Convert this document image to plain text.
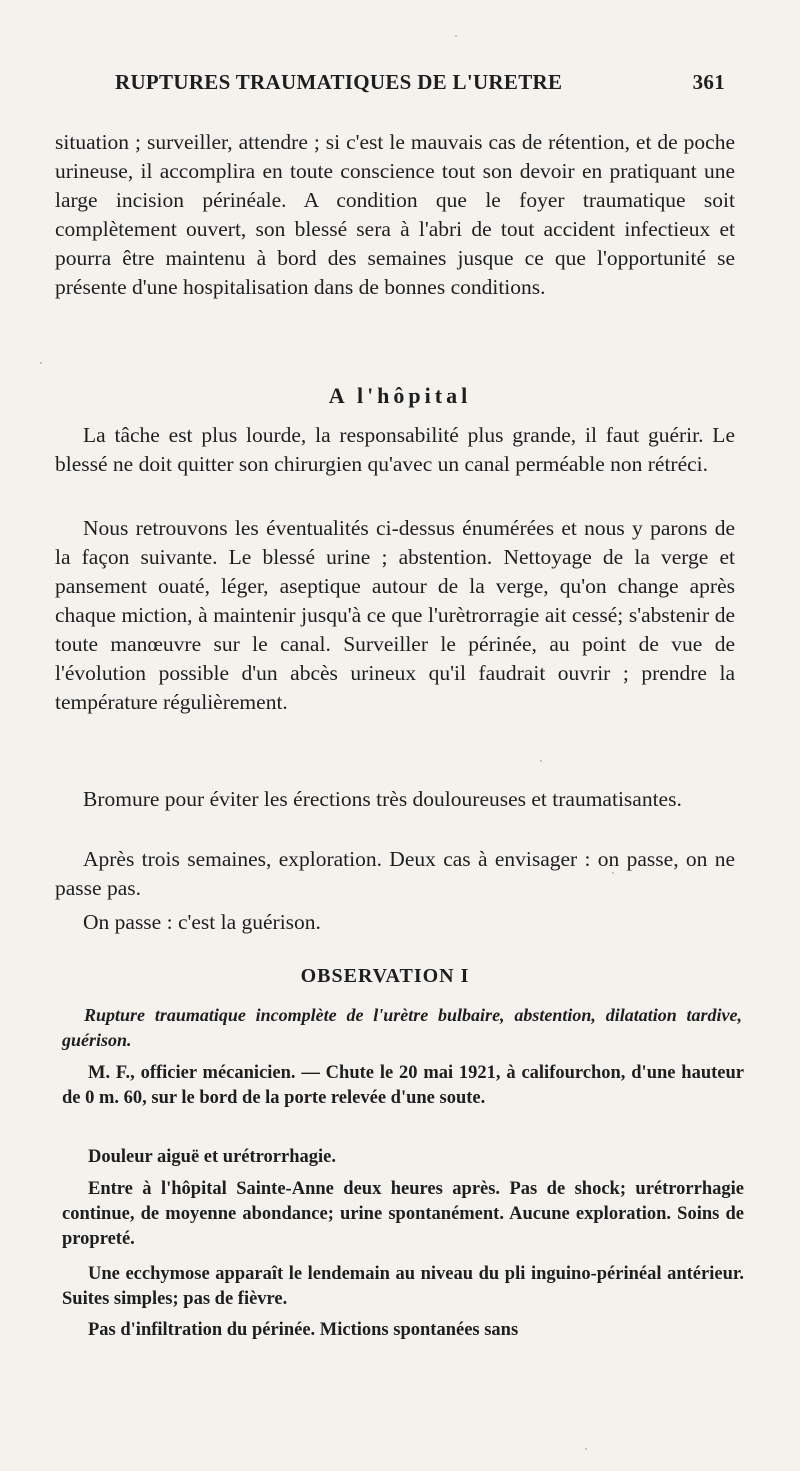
RUPTURES TRAUMATIQUES DE L'URETRE	361

situation ; surveiller, attendre ; si c'est le mauvais cas de rétention, et de poche urineuse, il accomplira en toute conscience tout son devoir en pratiquant une large incision périnéale. A condition que le foyer traumatique soit complètement ouvert, son blessé sera à l'abri de tout accident infectieux et pourra être maintenu à bord des semaines jusque ce que l'opportunité se présente d'une hospitalisation dans de bonnes conditions.

A l'hôpital

La tâche est plus lourde, la responsabilité plus grande, il faut guérir. Le blessé ne doit quitter son chirurgien qu'avec un canal perméable non rétréci.

Nous retrouvons les éventualités ci-dessus énumérées et nous y parons de la façon suivante. Le blessé urine ; abstention. Nettoyage de la verge et pansement ouaté, léger, aseptique autour de la verge, qu'on change après chaque miction, à maintenir jusqu'à ce que l'urètrorragie ait cessé; s'abstenir de toute manœuvre sur le canal. Surveiller le périnée, au point de vue de l'évolution possible d'un abcès urineux qu'il faudrait ouvrir ; prendre la température régulièrement.

Bromure pour éviter les érections très douloureuses et traumatisantes.

Après trois semaines, exploration. Deux cas à envisager : on passe, on ne passe pas.

On passe : c'est la guérison.

OBSERVATION I

Rupture traumatique incomplète de l'urètre bulbaire, abstention, dilatation tardive, guérison.

M. F., officier mécanicien. — Chute le 20 mai 1921, à califourchon, d'une hauteur de 0 m. 60, sur le bord de la porte relevée d'une soute.

Douleur aiguë et urétrorrhagie.

Entre à l'hôpital Sainte-Anne deux heures après. Pas de shock; urétrorrhagie continue, de moyenne abondance; urine spontanément. Aucune exploration. Soins de propreté.

Une ecchymose apparaît le lendemain au niveau du pli inguino-périnéal antérieur. Suites simples; pas de fièvre.

Pas d'infiltration du périnée. Mictions spontanées sans
